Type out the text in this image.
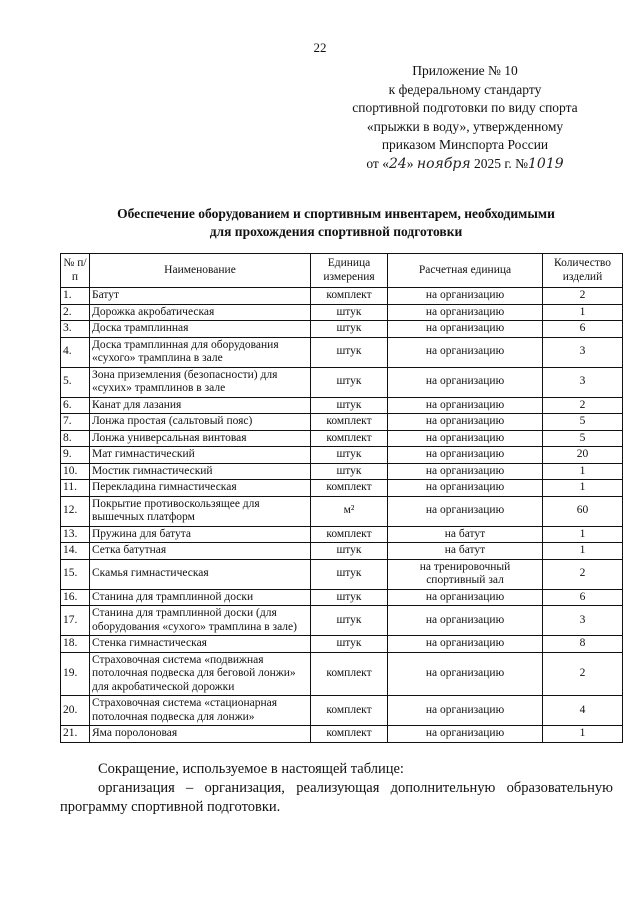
22
Приложение № 10
к федеральному стандарту
спортивной подготовки по виду спорта
«прыжки в воду», утвержденному
приказом Минспорта России
от «24» ноября 2025 г. №1019
Обеспечение оборудованием и спортивным инвентарем, необходимыми
для прохождения спортивной подготовки
№ п/п	Наименование	Единица измерения	Расчетная единица	Количество изделий
1.	Батут	комплект	на организацию	2
2.	Дорожка акробатическая	штук	на организацию	1
3.	Доска трамплинная	штук	на организацию	6
4.	Доска трамплинная для оборудования «сухого» трамплина в зале	штук	на организацию	3
5.	Зона приземления (безопасности) для «сухих» трамплинов в зале	штук	на организацию	3
6.	Канат для лазания	штук	на организацию	2
7.	Лонжа простая (сальтовый пояс)	комплект	на организацию	5
8.	Лонжа универсальная винтовая	комплект	на организацию	5
9.	Мат гимнастический	штук	на организацию	20
10.	Мостик гимнастический	штук	на организацию	1
11.	Перекладина гимнастическая	комплект	на организацию	1
12.	Покрытие противоскользящее для вышечных платформ	м²	на организацию	60
13.	Пружина для батута	комплект	на батут	1
14.	Сетка батутная	штук	на батут	1
15.	Скамья гимнастическая	штук	на тренировочный спортивный зал	2
16.	Станина для трамплинной доски	штук	на организацию	6
17.	Станина для трамплинной доски (для оборудования «сухого» трамплина в зале)	штук	на организацию	3
18.	Стенка гимнастическая	штук	на организацию	8
19.	Страховочная система «подвижная потолочная подвеска для беговой лонжи» для акробатической дорожки	комплект	на организацию	2
20.	Страховочная система «стационарная потолочная подвеска для лонжи»	комплект	на организацию	4
21.	Яма поролоновая	комплект	на организацию	1

Сокращение, используемое в настоящей таблице:

организация – организация, реализующая дополнительную образовательную программу спортивной подготовки.
